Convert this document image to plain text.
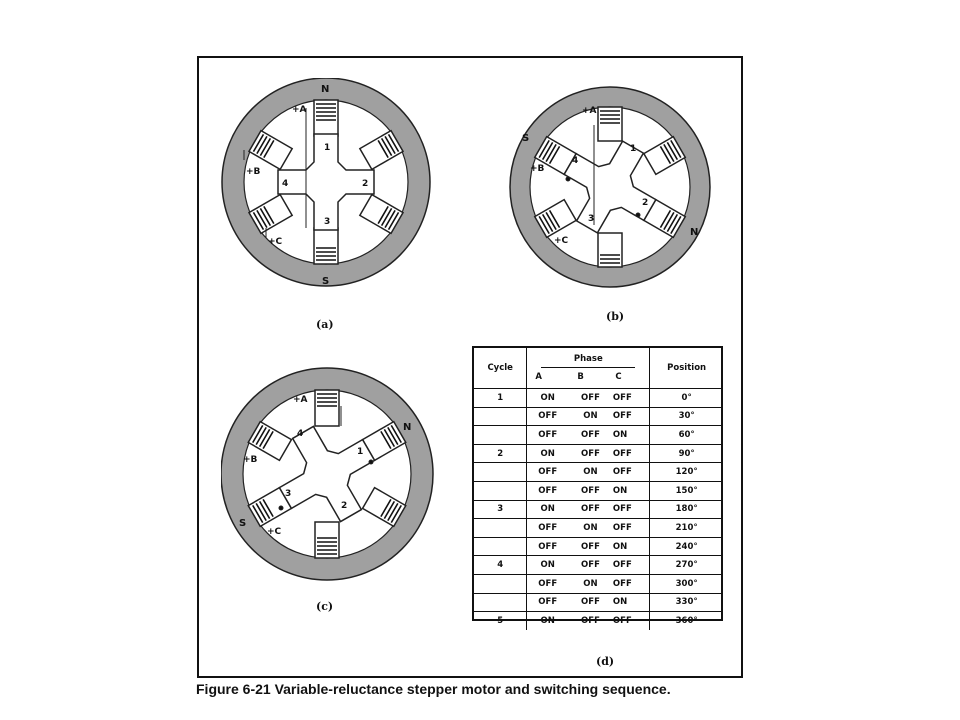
N
S
+A
+B
+C
1
2
3
4
(a)
S
N
+A
+B
+C
1
2
3
4
(b)
S
N
+A
+B
+C
1
2
3
4
(c)
Cycle	Phase
A B C			Position
1	ON	OFF	OFF	0°
	OFF	ON	OFF	30°
	OFF	OFF	ON	60°
2	ON	OFF	OFF	90°
	OFF	ON	OFF	120°
	OFF	OFF	ON	150°
3	ON	OFF	OFF	180°
	OFF	ON	OFF	210°
	OFF	OFF	ON	240°
4	ON	OFF	OFF	270°
	OFF	ON	OFF	300°
	OFF	OFF	ON	330°
5	ON	OFF	OFF	360°
(d)
Figure 6-21 Variable-reluctance stepper motor and switching sequence.
